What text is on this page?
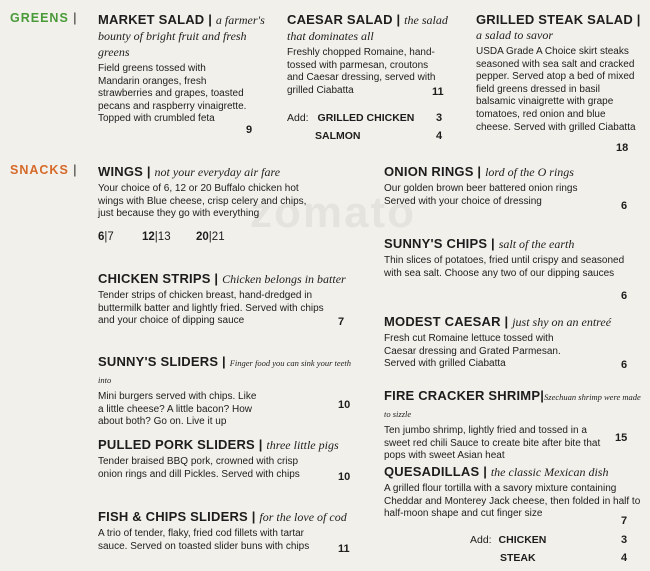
zomato
GREENS |
SNACKS |
MARKET SALAD | a farmer's bounty of bright fruit and fresh greens
Field greens tossed with Mandarin oranges, fresh strawberries and grapes, toasted pecans and raspberry vinaigrette. Topped with crumbled feta
9
CAESAR SALAD | the salad that dominates all
Freshly chopped Romaine, hand-tossed with parmesan, croutons and Caesar dressing, served with grilled Ciabatta	11
Add: GRILLED CHICKEN 3
SALMON	4
GRILLED STEAK SALAD | a salad to savor
USDA Grade A Choice skirt steaks seasoned with sea salt and cracked pepper. Served atop a bed of mixed field greens dressed in basil balsamic vinaigrette with grape tomatoes, red onion and blue cheese. Served with grilled Ciabatta
18
WINGS | not your everyday air fare
Your choice of 6, 12 or 20 Buffalo chicken hot wings with Blue cheese, crisp celery and chips, just because they go with everything
6|7 12|13 20|21
CHICKEN STRIPS | Chicken belongs in batter
Tender strips of chicken breast, hand-dredged in buttermilk batter and lightly fried. Served with chips and your choice of dipping sauce	7
SUNNY'S SLIDERS | Finger food you can sink your teeth into
Mini burgers served with chips. Like a little cheese? A little bacon? How about both? Go on. Live it up
10
PULLED PORK SLIDERS | three little pigs
Tender braised BBQ pork, crowned with crisp onion rings and dill Pickles. Served with chips	10
FISH & CHIPS SLIDERS | for the love of cod
A trio of tender, flaky, fried cod fillets with tartar sauce. Served on toasted slider buns with chips	11
ONION RINGS | lord of the O rings
Our golden brown beer battered onion rings Served with your choice of dressing	6
SUNNY'S CHIPS | salt of the earth
Thin slices of potatoes, fried until crispy and seasoned with sea salt. Choose any two of our dipping sauces
6
MODEST CAESAR | just shy on an entreé
Fresh cut Romaine lettuce tossed with Caesar dressing and Grated Parmesan. Served with grilled Ciabatta	6
FIRE CRACKER SHRIMP|Szechuan shrimp were made to sizzle
Ten jumbo shrimp, lightly fried and tossed in a sweet red chili Sauce to create bite after bite that pops with sweet Asian heat
15
QUESADILLAS | the classic Mexican dish
A grilled flour tortilla with a savory mixture containing Cheddar and Monterey Jack cheese, then folded in half to half-moon shape and cut finger size
7
Add: CHICKEN	3
STEAK	4
